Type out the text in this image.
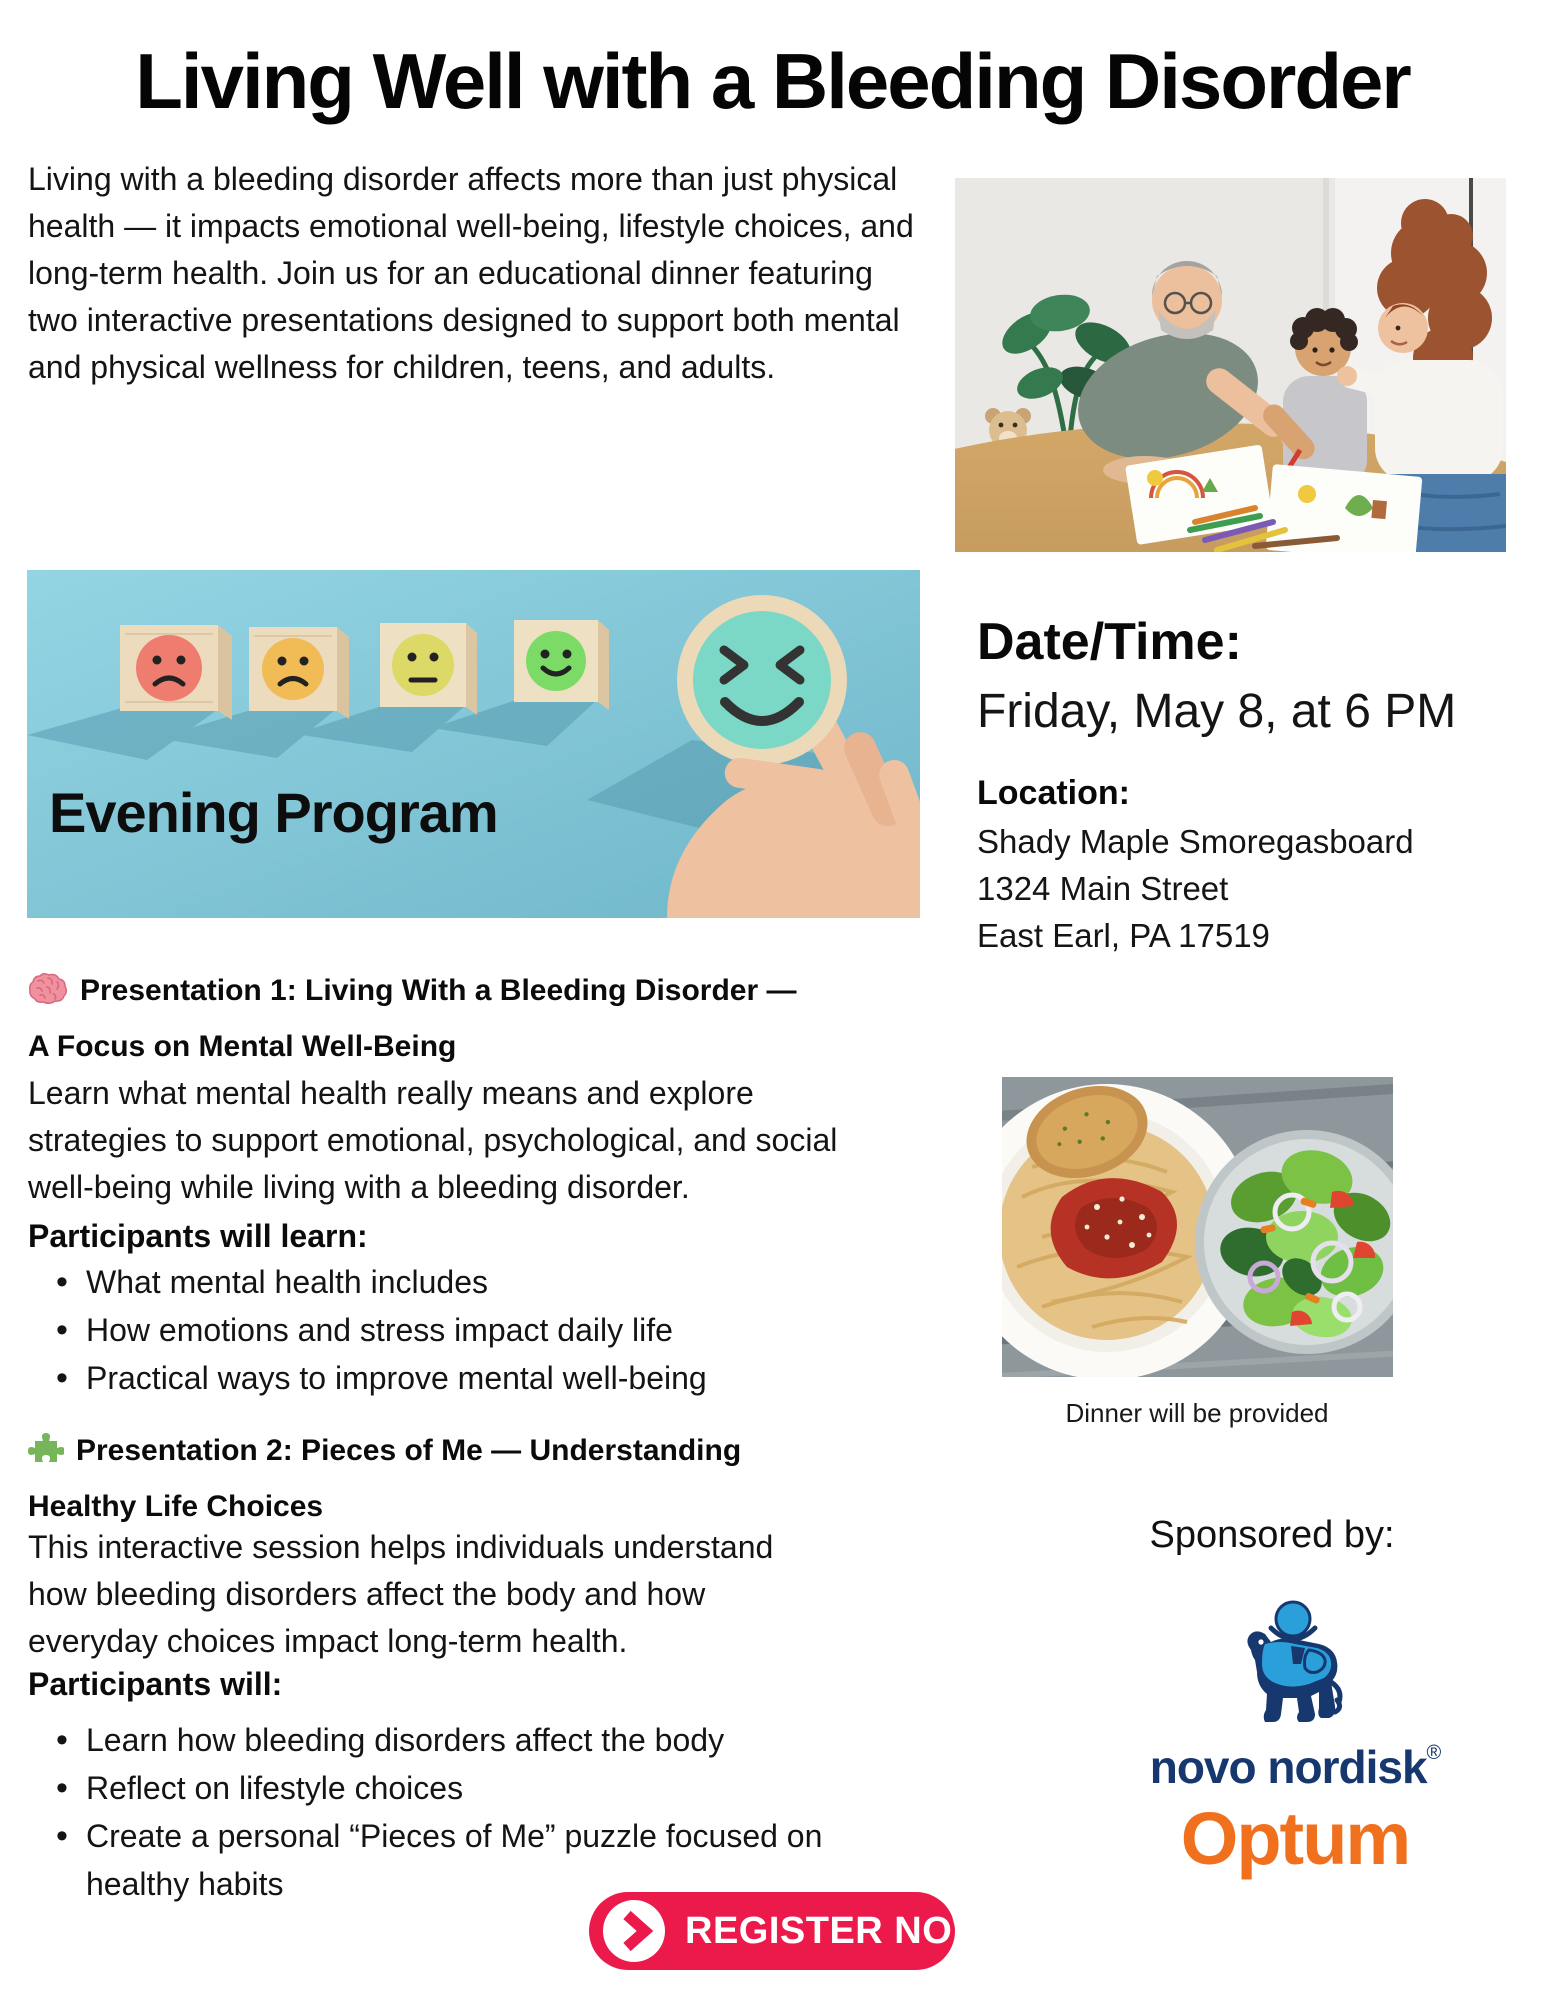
Living Well with a Bleeding Disorder
Living with a bleeding disorder affects more than just physical health — it impacts emotional well-being, lifestyle choices, and long-term health. Join us for an educational dinner featuring two interactive presentations designed to support both mental and physical wellness for children, teens, and adults.
Evening Program
Presentation 1: Living With a Bleeding Disorder —
A Focus on Mental Well-Being
Learn what mental health really means and explore strategies to support emotional, psychological, and social well-being while living with a bleeding disorder.
Participants will learn:
• What mental health includes
• How emotions and stress impact daily life
• Practical ways to improve mental well-being
Presentation 2: Pieces of Me — Understanding
Healthy Life Choices
This interactive session helps individuals understand how bleeding disorders affect the body and how everyday choices impact long-term health.
Participants will:
• Learn how bleeding disorders affect the body
• Reflect on lifestyle choices
• Create a personal “Pieces of Me” puzzle focused on healthy habits
Date/Time:
Friday, May 8, at 6 PM
Location:
Shady Maple Smoregasboard
1324 Main Street
East Earl, PA 17519
Dinner will be provided
Sponsored by:
novo nordisk®
Optum
REGISTER NOW
